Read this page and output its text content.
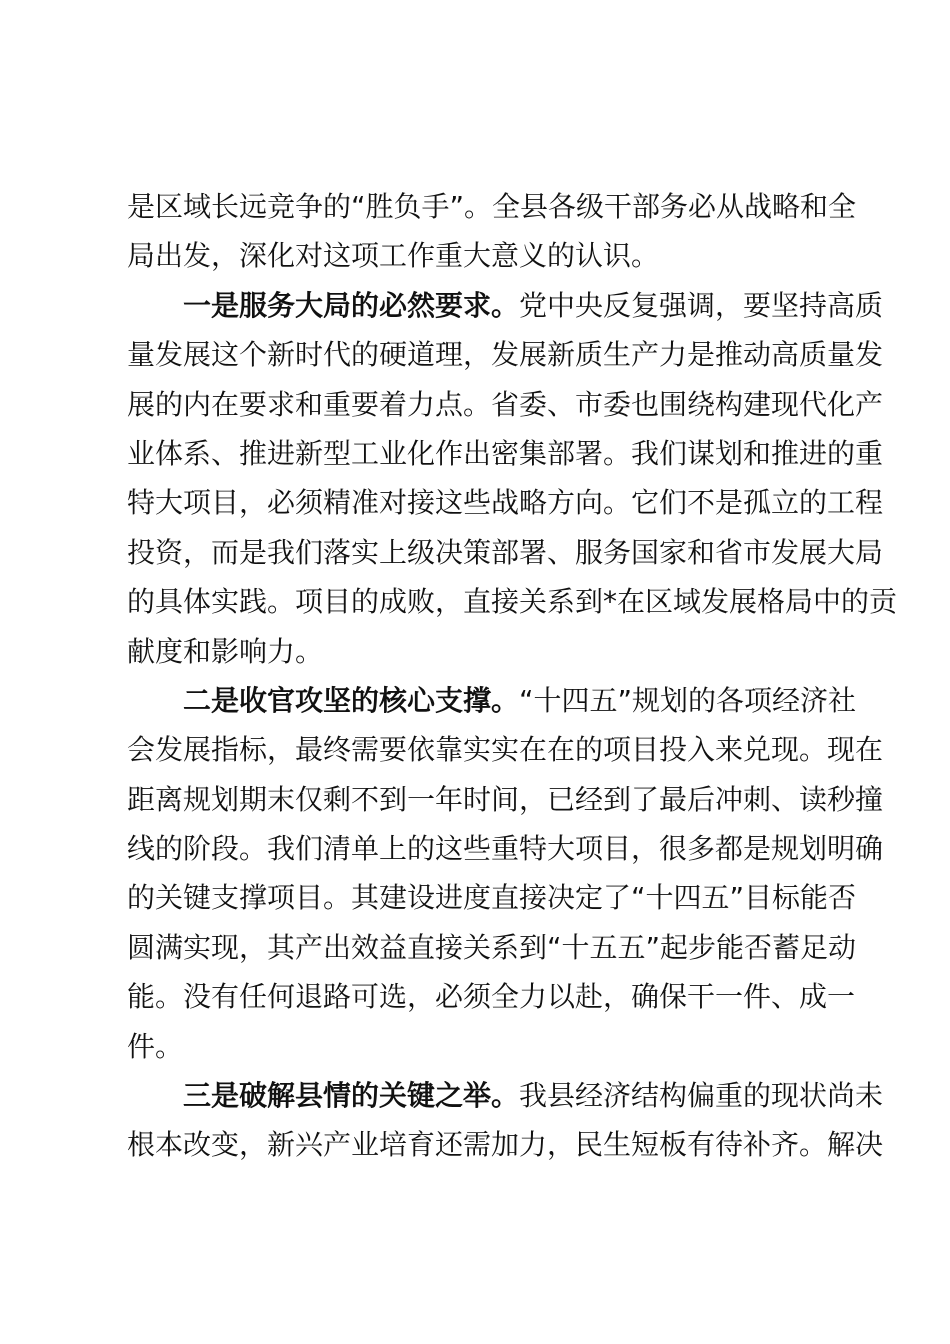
是区域长远竞争的“胜负手”。全县各级干部务必从战略和全
局出发，深化对这项工作重大意义的认识。
一是服务大局的必然要求。 党中央反复强调，要坚持高质
量发展这个新时代的硬道理，发展新质生产力是推动高质量发
展的内在要求和重要着力点。省委、市委也围绕构建现代化产
业体系、推进新型工业化作出密集部署。我们谋划和推进的重
特大项目，必须精准对接这些战略方向。它们不是孤立的工程
投资，而是我们落实上级决策部署、服务国家和省市发展大局
的具体实践。项目的成败，直接关系到*在区域发展格局中的贡
献度和影响力。
二是收官攻坚的核心支撑。 “十四五”规划的各项经济社
会发展指标，最终需要依靠实实在在的项目投入来兑现。现在
距离规划期末仅剩不到一年时间，已经到了最后冲刺、读秒撞
线的阶段。我们清单上的这些重特大项目，很多都是规划明确
的关键支撑项目。其建设进度直接决定了“十四五”目标能否
圆满实现，其产出效益直接关系到“十五五”起步能否蓄足动
能。没有任何退路可选，必须全力以赴，确保干一件、成一
件。
三是破解县情的关键之举。 我县经济结构偏重的现状尚未
根本改变，新兴产业培育还需加力，民生短板有待补齐。解决
